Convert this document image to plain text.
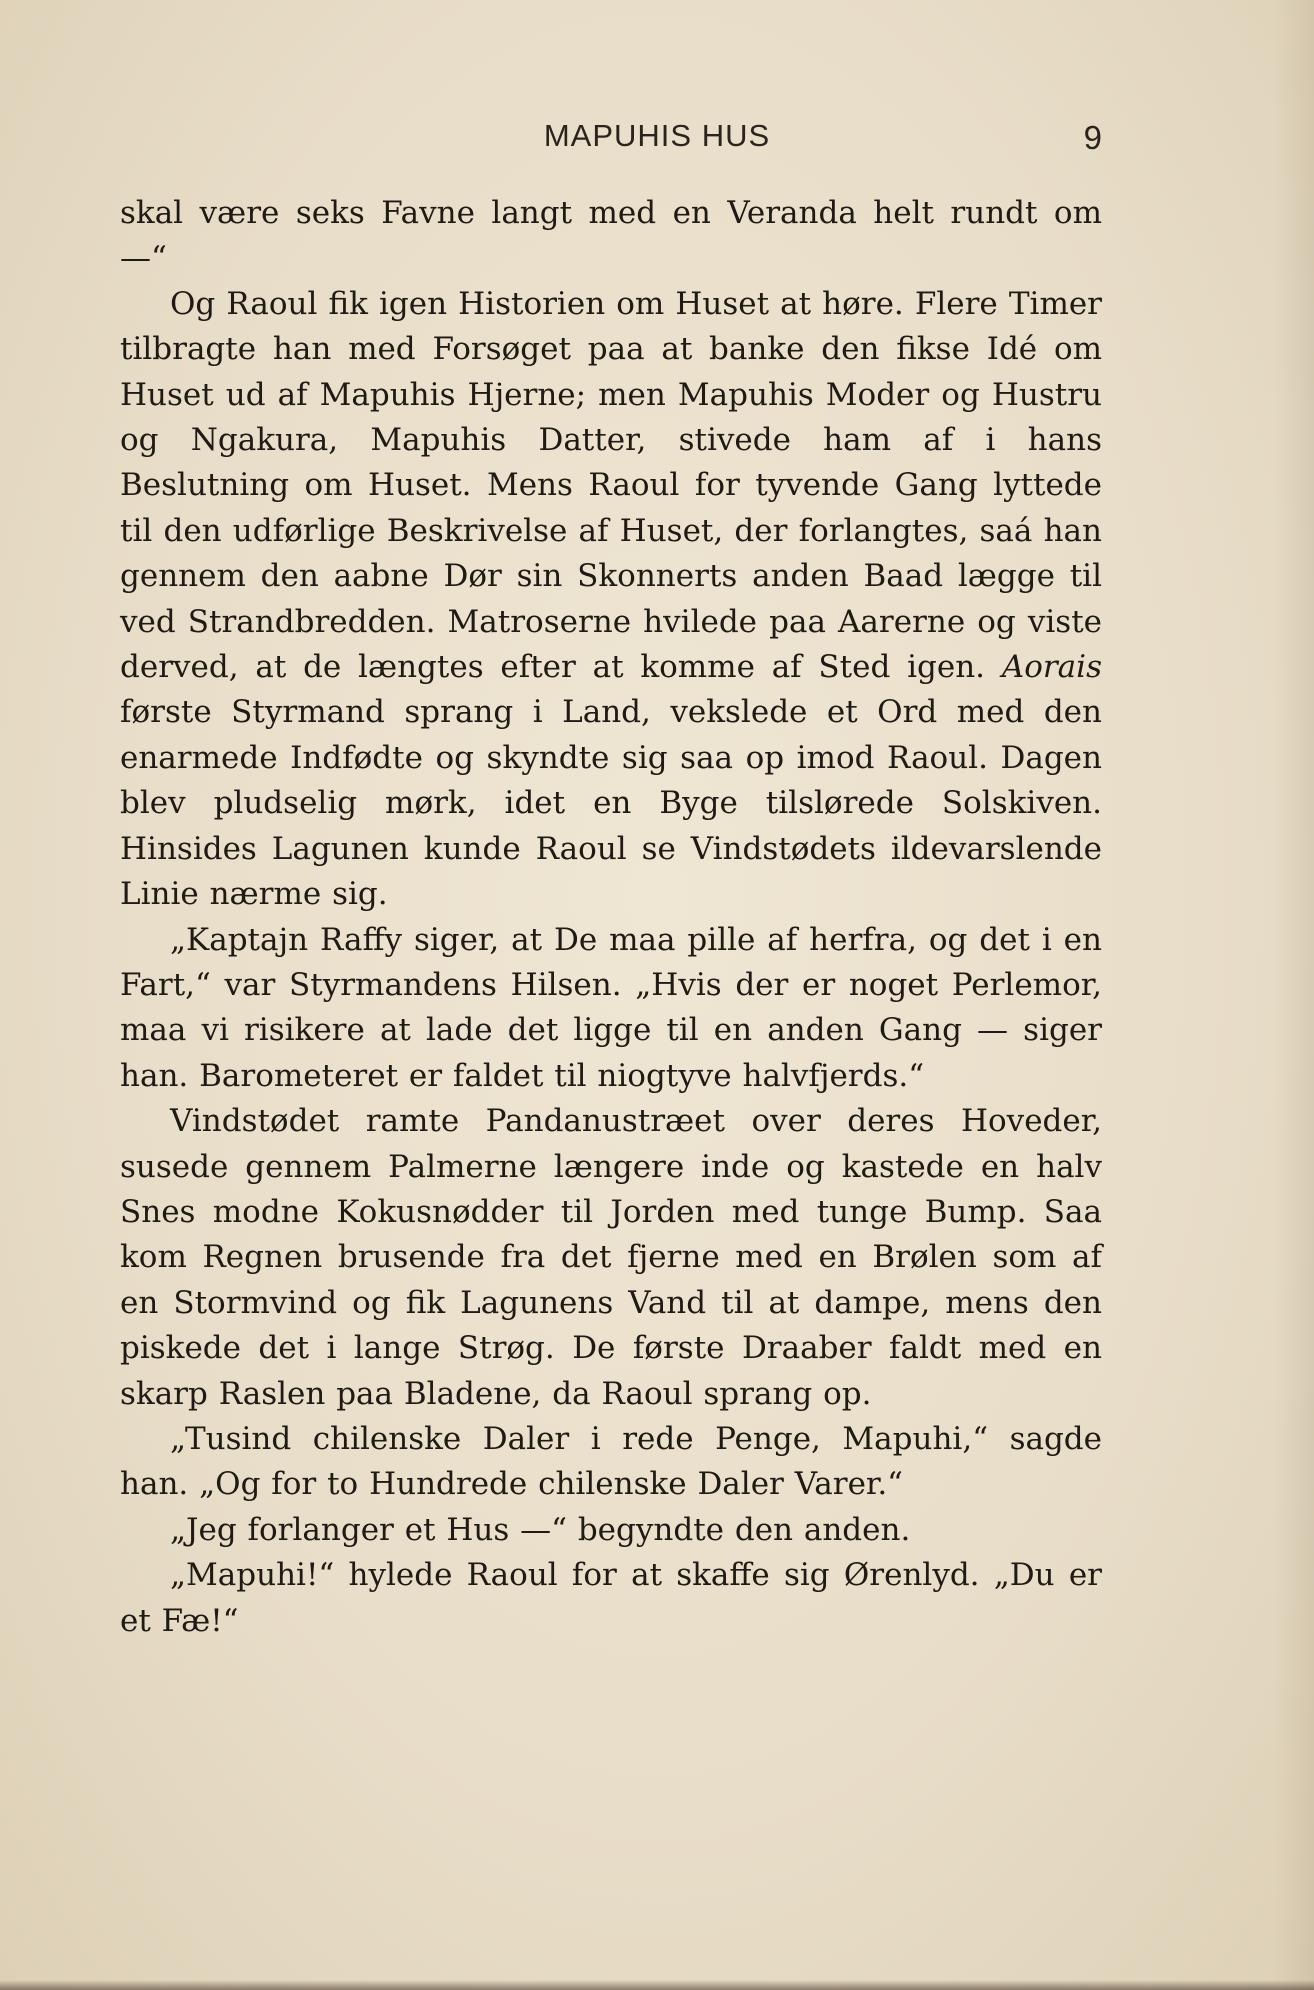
MAPUHIS HUS	9

skal være seks Favne langt med en Veranda helt rundt om —“

Og Raoul fik igen Historien om Huset at høre. Flere Timer tilbragte han med Forsøget paa at banke den fikse Idé om Huset ud af Mapuhis Hjerne; men Mapuhis Moder og Hustru og Ngakura, Mapuhis Datter, stivede ham af i hans Beslutning om Huset. Mens Raoul for tyvende Gang lyttede til den udførlige Beskrivelse af Huset, der forlangtes, saá han gennem den aabne Dør sin Skonnerts anden Baad lægge til ved Strandbredden. Matroserne hvilede paa Aarerne og viste derved, at de længtes efter at komme af Sted igen. Aorais første Styrmand sprang i Land, vekslede et Ord med den enarmede Indfødte og skyndte sig saa op imod Raoul. Dagen blev pludselig mørk, idet en Byge tilslørede Solskiven. Hinsides Lagunen kunde Raoul se Vindstødets ildevarslende Linie nærme sig.

„Kaptajn Raffy siger, at De maa pille af herfra, og det i en Fart,“ var Styrmandens Hilsen. „Hvis der er noget Perlemor, maa vi risikere at lade det ligge til en anden Gang — siger han. Barometeret er faldet til niogtyve halvfjerds.“

Vindstødet ramte Pandanustræet over deres Hoveder, susede gennem Palmerne længere inde og kastede en halv Snes modne Kokusnødder til Jorden med tunge Bump. Saa kom Regnen brusende fra det fjerne med en Brølen som af en Stormvind og fik Lagunens Vand til at dampe, mens den piskede det i lange Strøg. De første Draaber faldt med en skarp Raslen paa Bladene, da Raoul sprang op.

„Tusind chilenske Daler i rede Penge, Mapuhi,“ sagde han. „Og for to Hundrede chilenske Daler Varer.“

„Jeg forlanger et Hus —“ begyndte den anden.

„Mapuhi!“ hylede Raoul for at skaffe sig Ørenlyd. „Du er et Fæ!“
